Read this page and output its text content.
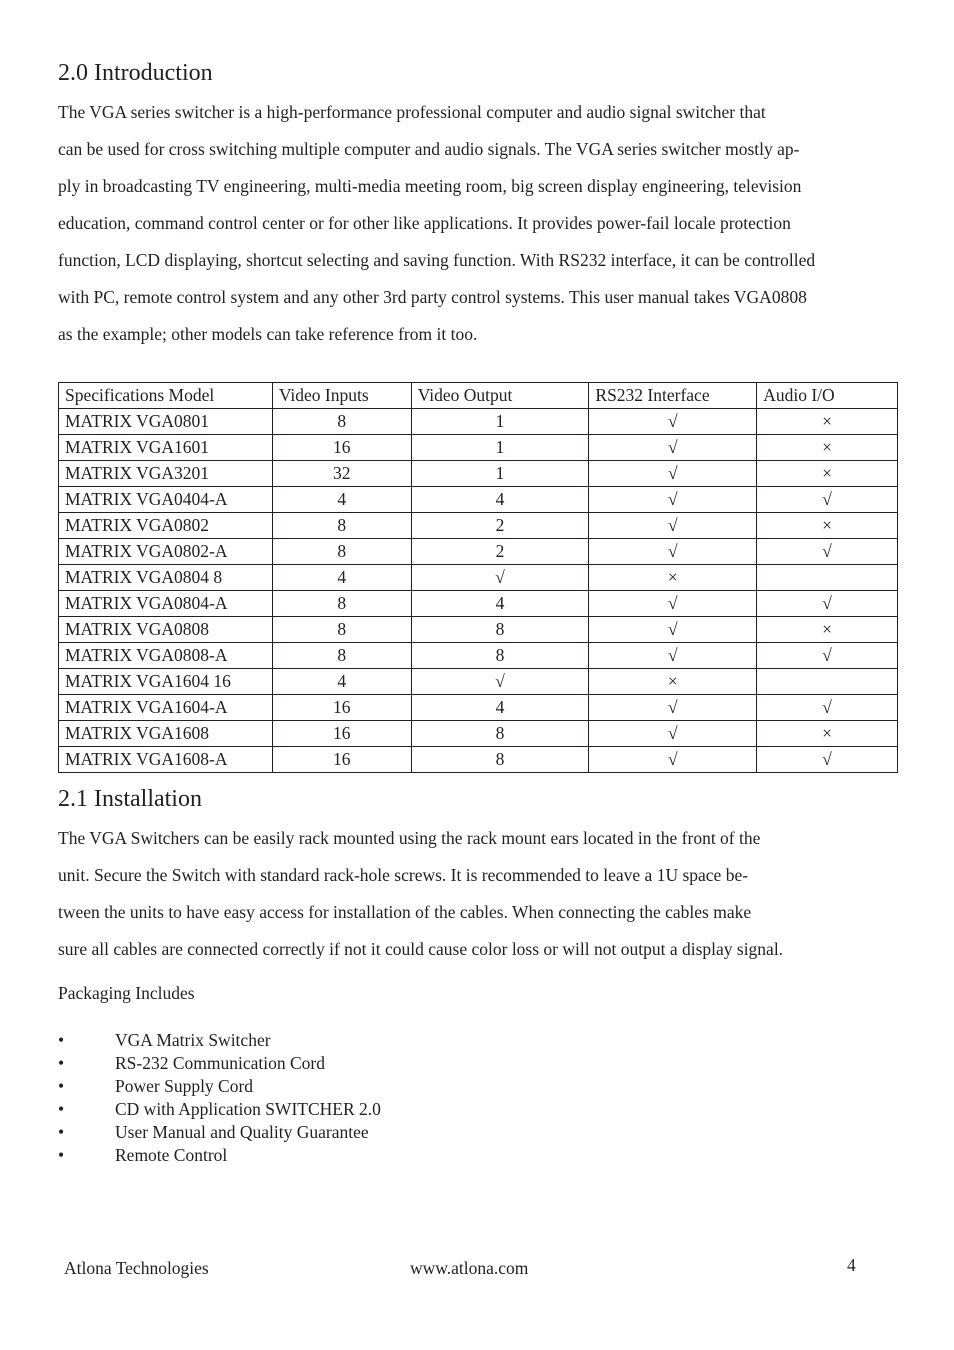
2.0 Introduction
The VGA series switcher is a high-performance professional computer and audio signal switcher that
can be used for cross switching multiple computer and audio signals. The VGA series switcher mostly ap-
ply in broadcasting TV engineering, multi-media meeting room, big screen display engineering, television
education, command control center or for other like applications. It provides power-fail locale protection
function, LCD displaying, shortcut selecting and saving function. With RS232 interface, it can be controlled
with PC, remote control system and any other 3rd party control systems. This user manual takes VGA0808
as the example; other models can take reference from it too.
Specifications Model	Video Inputs	Video Output	RS232 Interface	Audio I/O
MATRIX VGA0801	8	1	√	×
MATRIX VGA1601	16	1	√	×
MATRIX VGA3201	32	1	√	×
MATRIX VGA0404-A	4	4	√	√
MATRIX VGA0802	8	2	√	×
MATRIX VGA0802-A	8	2	√	√
MATRIX VGA0804 8	4	√	×	
MATRIX VGA0804-A	8	4	√	√
MATRIX VGA0808	8	8	√	×
MATRIX VGA0808-A	8	8	√	√
MATRIX VGA1604 16	4	√	×	
MATRIX VGA1604-A	16	4	√	√
MATRIX VGA1608	16	8	√	×
MATRIX VGA1608-A	16	8	√	√
2.1 Installation
The VGA Switchers can be easily rack mounted using the rack mount ears located in the front of the
unit. Secure the Switch with standard rack-hole screws. It is recommended to leave a 1U space be-
tween the units to have easy access for installation of the cables. When connecting the cables make
sure all cables are connected correctly if not it could cause color loss or will not output a display signal.
Packaging Includes
•	VGA Matrix Switcher
•	RS-232 Communication Cord
•	Power Supply Cord
•	CD with Application SWITCHER 2.0
•	User Manual and Quality Guarantee
•	Remote Control
Atlona Technologies	www.atlona.com	4
